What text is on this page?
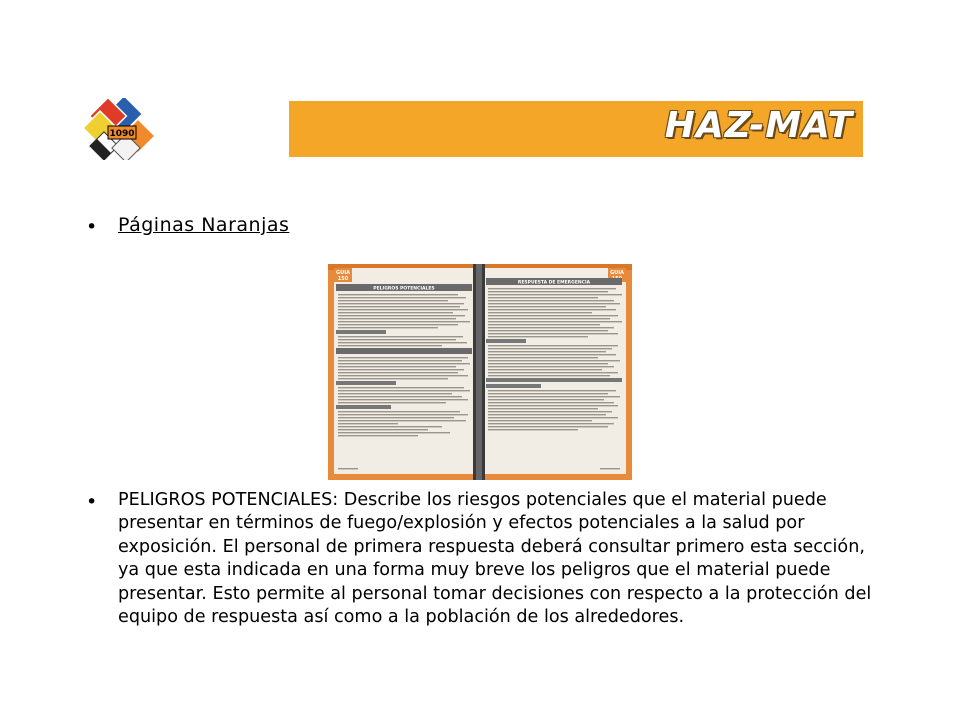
1090	HAZ-MAT
• Páginas Naranjas
GUIA
150
GUIA
PELIGROS POTENCIALES
RESPUESTA DE EMERGENCIA
• PELIGROS POTENCIALES: Describe los riesgos potenciales que el material puede presentar en términos de fuego/explosión y efectos potenciales a la salud por exposición. El personal de primera respuesta deberá consultar primero esta sección, ya que esta indicada en una forma muy breve los peligros que el material puede presentar. Esto permite al personal tomar decisiones con respecto a la protección del equipo de respuesta así como a la población de los alrededores.
